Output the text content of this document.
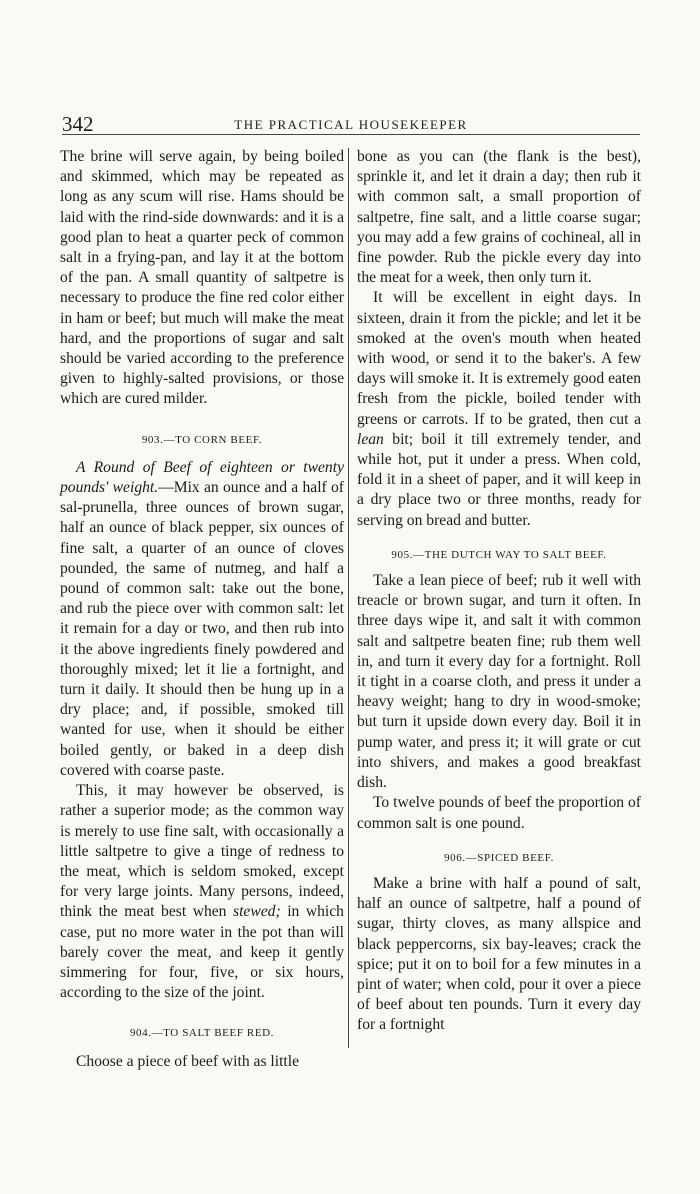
342	THE PRACTICAL HOUSEKEEPER

The brine will serve again, by being boiled and skimmed, which may be repeated as long as any scum will rise. Hams should be laid with the rind-side downwards: and it is a good plan to heat a quarter peck of common salt in a frying-pan, and lay it at the bottom of the pan. A small quantity of saltpetre is necessary to produce the fine red color either in ham or beef; but much will make the meat hard, and the proportions of sugar and salt should be varied according to the preference given to highly-salted provisions, or those which are cured milder.

903.—TO CORN BEEF.

A Round of Beef of eighteen or twenty pounds' weight.—Mix an ounce and a half of sal-prunella, three ounces of brown sugar, half an ounce of black pepper, six ounces of fine salt, a quarter of an ounce of cloves pounded, the same of nutmeg, and half a pound of common salt: take out the bone, and rub the piece over with common salt: let it remain for a day or two, and then rub into it the above ingredients finely powdered and thoroughly mixed; let it lie a fortnight, and turn it daily. It should then be hung up in a dry place; and, if possible, smoked till wanted for use, when it should be either boiled gently, or baked in a deep dish covered with coarse paste.

This, it may however be observed, is rather a superior mode; as the common way is merely to use fine salt, with occasionally a little saltpetre to give a tinge of redness to the meat, which is seldom smoked, except for very large joints. Many persons, indeed, think the meat best when stewed; in which case, put no more water in the pot than will barely cover the meat, and keep it gently simmering for four, five, or six hours, according to the size of the joint.

904.—TO SALT BEEF RED.

Choose a piece of beef with as little

bone as you can (the flank is the best), sprinkle it, and let it drain a day; then rub it with common salt, a small proportion of saltpetre, fine salt, and a little coarse sugar; you may add a few grains of cochineal, all in fine powder. Rub the pickle every day into the meat for a week, then only turn it.

It will be excellent in eight days. In sixteen, drain it from the pickle; and let it be smoked at the oven's mouth when heated with wood, or send it to the baker's. A few days will smoke it. It is extremely good eaten fresh from the pickle, boiled tender with greens or carrots. If to be grated, then cut a lean bit; boil it till extremely tender, and while hot, put it under a press. When cold, fold it in a sheet of paper, and it will keep in a dry place two or three months, ready for serving on bread and butter.

905.—THE DUTCH WAY TO SALT BEEF.

Take a lean piece of beef; rub it well with treacle or brown sugar, and turn it often. In three days wipe it, and salt it with common salt and saltpetre beaten fine; rub them well in, and turn it every day for a fortnight. Roll it tight in a coarse cloth, and press it under a heavy weight; hang to dry in wood-smoke; but turn it upside down every day. Boil it in pump water, and press it; it will grate or cut into shivers, and makes a good breakfast dish.

To twelve pounds of beef the proportion of common salt is one pound.

906.—SPICED BEEF.

Make a brine with half a pound of salt, half an ounce of saltpetre, half a pound of sugar, thirty cloves, as many allspice and black peppercorns, six bay-leaves; crack the spice; put it on to boil for a few minutes in a pint of water; when cold, pour it over a piece of beef about ten pounds. Turn it every day for a fortnight
